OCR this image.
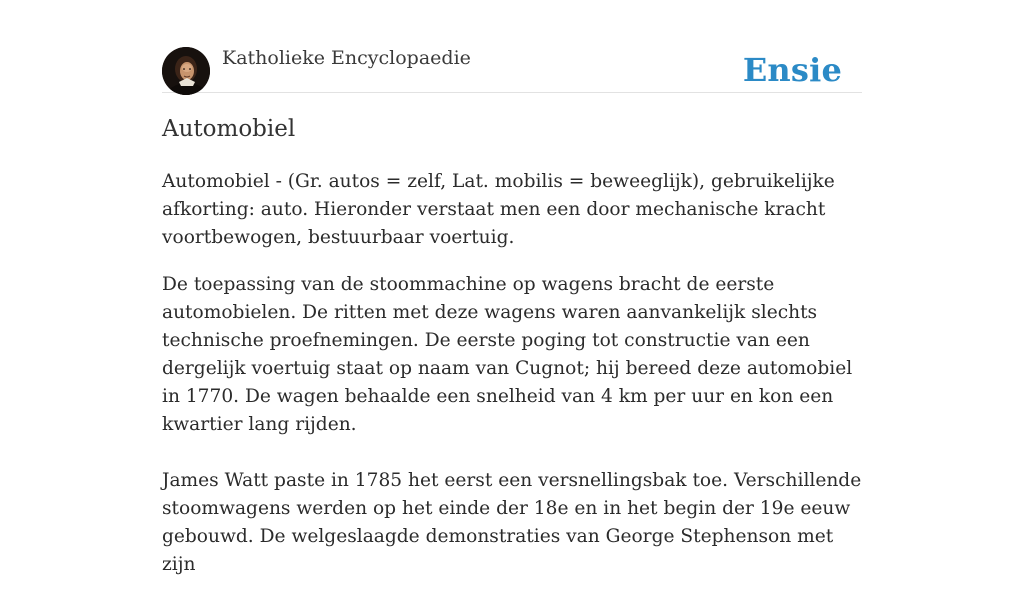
Katholieke Encyclopaedie	Ensie
Automobiel

Automobiel - (Gr. autos = zelf, Lat. mobilis = beweeglijk), gebruikelijke afkorting: auto. Hieronder verstaat men een door mechanische kracht voortbewogen, bestuurbaar voertuig.

De toepassing van de stoommachine op wagens bracht de eerste automobielen. De ritten met deze wagens waren aanvankelijk slechts technische proefnemingen. De eerste poging tot constructie van een dergelijk voertuig staat op naam van Cugnot; hij bereed deze automobiel in 1770. De wagen behaalde een snelheid van 4 km per uur en kon een kwartier lang rijden.

James Watt paste in 1785 het eerst een versnellingsbak toe. Verschillende stoomwagens werden op het einde der 18e en in het begin der 19e eeuw gebouwd. De welgeslaagde demonstraties van George Stephenson met zijn
